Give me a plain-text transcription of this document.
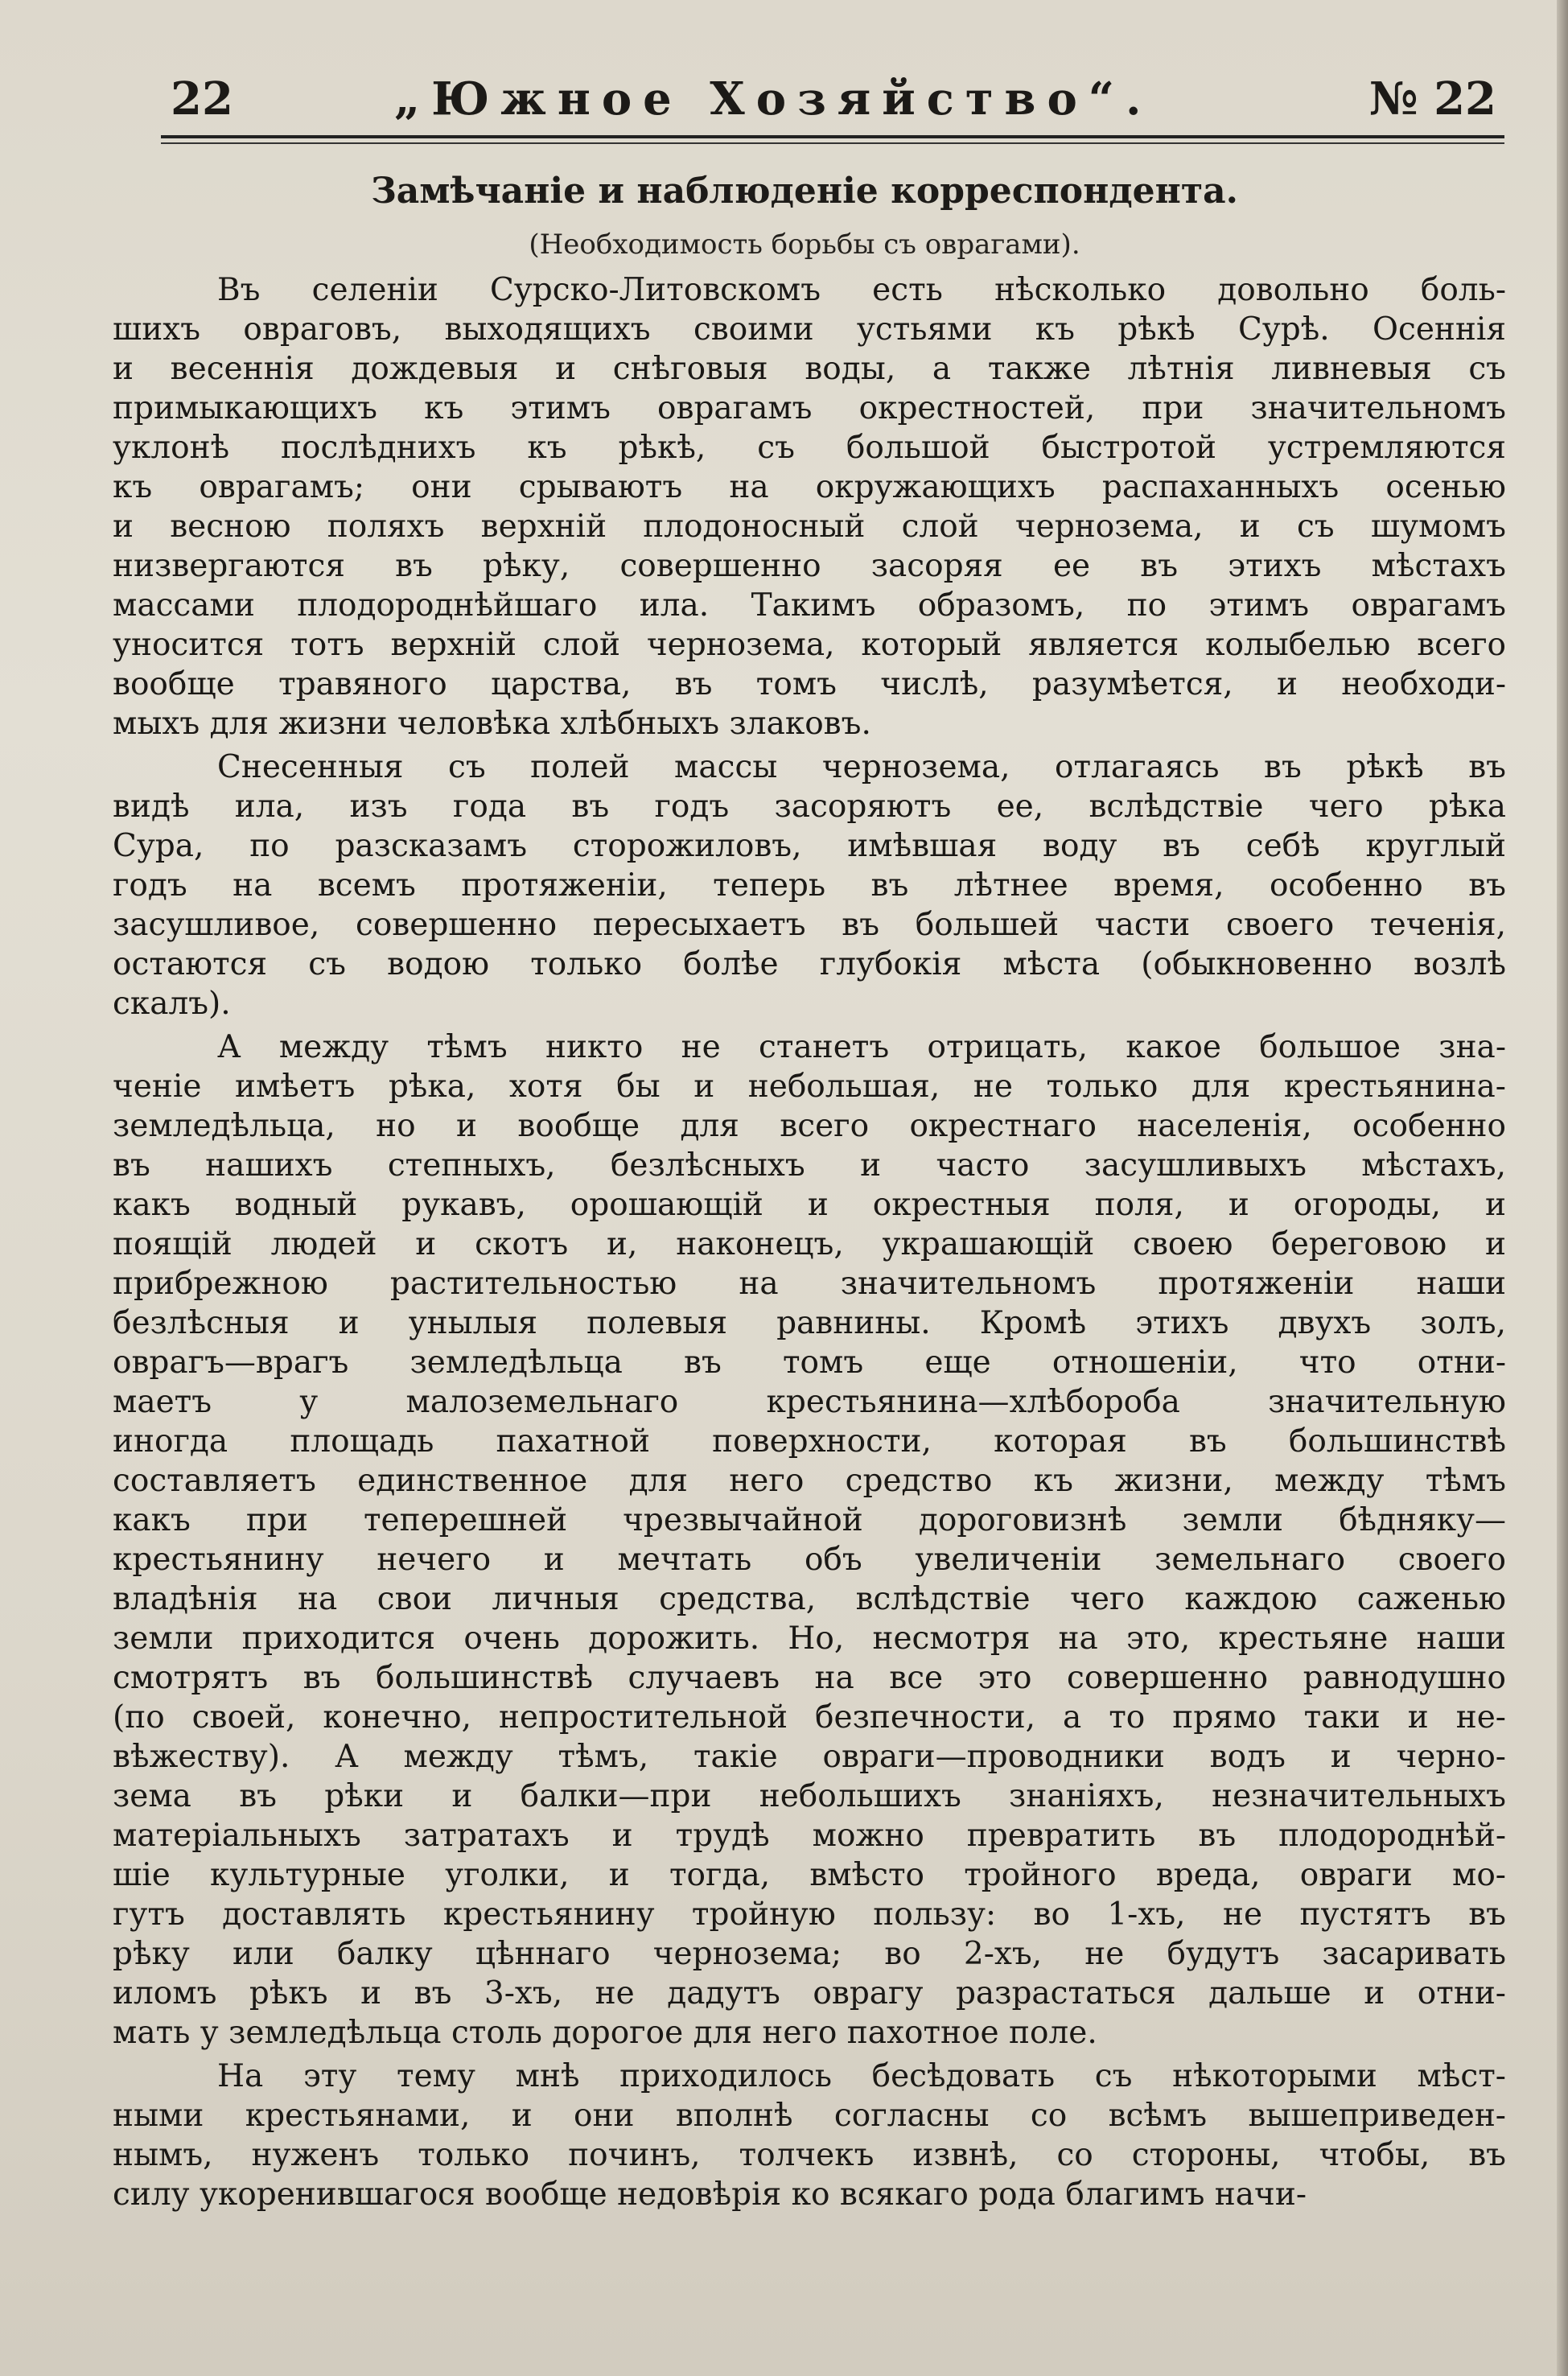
22	„Южное Хозяйство“.	№ 22
Замѣчаніе и наблюденіе корреспондента.
(Необходимость борьбы съ оврагами).
Въ селеніи Сурско-Литовскомъ есть нѣсколько довольно боль-
шихъ овраговъ, выходящихъ своими устьями къ рѣкѣ Сурѣ. Осеннія
и весеннія дождевыя и снѣговыя воды, а также лѣтнія ливневыя съ
примыкающихъ къ этимъ оврагамъ окрестностей, при значительномъ
уклонѣ послѣднихъ къ рѣкѣ, съ большой быстротой устремляются
къ оврагамъ; они срываютъ на окружающихъ распаханныхъ осенью
и весною поляхъ верхній плодоносный слой чернозема, и съ шумомъ
низвергаются въ рѣку, совершенно засоряя ее въ этихъ мѣстахъ
массами плодороднѣйшаго ила. Такимъ образомъ, по этимъ оврагамъ
уносится тотъ верхній слой чернозема, который является колыбелью всего
вообще травяного царства, въ томъ числѣ, разумѣется, и необходи-
мыхъ для жизни человѣка хлѣбныхъ злаковъ.
Снесенныя съ полей массы чернозема, отлагаясь въ рѣкѣ въ
видѣ ила, изъ года въ годъ засоряютъ ее, вслѣдствіе чего рѣка
Сура, по разсказамъ сторожиловъ, имѣвшая воду въ себѣ круглый
годъ на всемъ протяженіи, теперь въ лѣтнее время, особенно въ
засушливое, совершенно пересыхаетъ въ большей части своего теченія,
остаются съ водою только болѣе глубокія мѣста (обыкновенно возлѣ
скалъ).
А между тѣмъ никто не станетъ отрицать, какое большое зна-
ченіе имѣетъ рѣка, хотя бы и небольшая, не только для крестьянина-
земледѣльца, но и вообще для всего окрестнаго населенія, особенно
въ нашихъ степныхъ, безлѣсныхъ и часто засушливыхъ мѣстахъ,
какъ водный рукавъ, орошающій и окрестныя поля, и огороды, и
поящій людей и скотъ и, наконецъ, украшающій своею береговою и
прибрежною растительностью на значительномъ протяженіи наши
безлѣсныя и унылыя полевыя равнины. Кромѣ этихъ двухъ золъ,
оврагъ—врагъ земледѣльца въ томъ еще отношеніи, что отни-
маетъ у малоземельнаго крестьянина—хлѣбороба значительную
иногда площадь пахатной поверхности, которая въ большинствѣ
составляетъ единственное для него средство къ жизни, между тѣмъ
какъ при теперешней чрезвычайной дороговизнѣ земли бѣдняку—
крестьянину нечего и мечтать объ увеличеніи земельнаго своего
владѣнія на свои личныя средства, вслѣдствіе чего каждою саженью
земли приходится очень дорожить. Но, несмотря на это, крестьяне наши
смотрятъ въ большинствѣ случаевъ на все это совершенно равнодушно
(по своей, конечно, непростительной безпечности, а то прямо таки и не-
вѣжеству). А между тѣмъ, такіе овраги—проводники водъ и черно-
зема въ рѣки и балки—при небольшихъ знаніяхъ, незначительныхъ
матеріальныхъ затратахъ и трудѣ можно превратить въ плодороднѣй-
шіе культурные уголки, и тогда, вмѣсто тройного вреда, овраги мо-
гутъ доставлять крестьянину тройную пользу: во 1-хъ, не пустятъ въ
рѣку или балку цѣннаго чернозема; во 2-хъ, не будутъ засаривать
иломъ рѣкъ и въ 3-хъ, не дадутъ оврагу разрастаться дальше и отни-
мать у земледѣльца столь дорогое для него пахотное поле.
На эту тему мнѣ приходилось бесѣдовать съ нѣкоторыми мѣст-
ными крестьянами, и они вполнѣ согласны со всѣмъ вышеприведен-
нымъ, нуженъ только починъ, толчекъ извнѣ, со стороны, чтобы, въ
силу укоренившагося вообще недовѣрія ко всякаго рода благимъ начи-
